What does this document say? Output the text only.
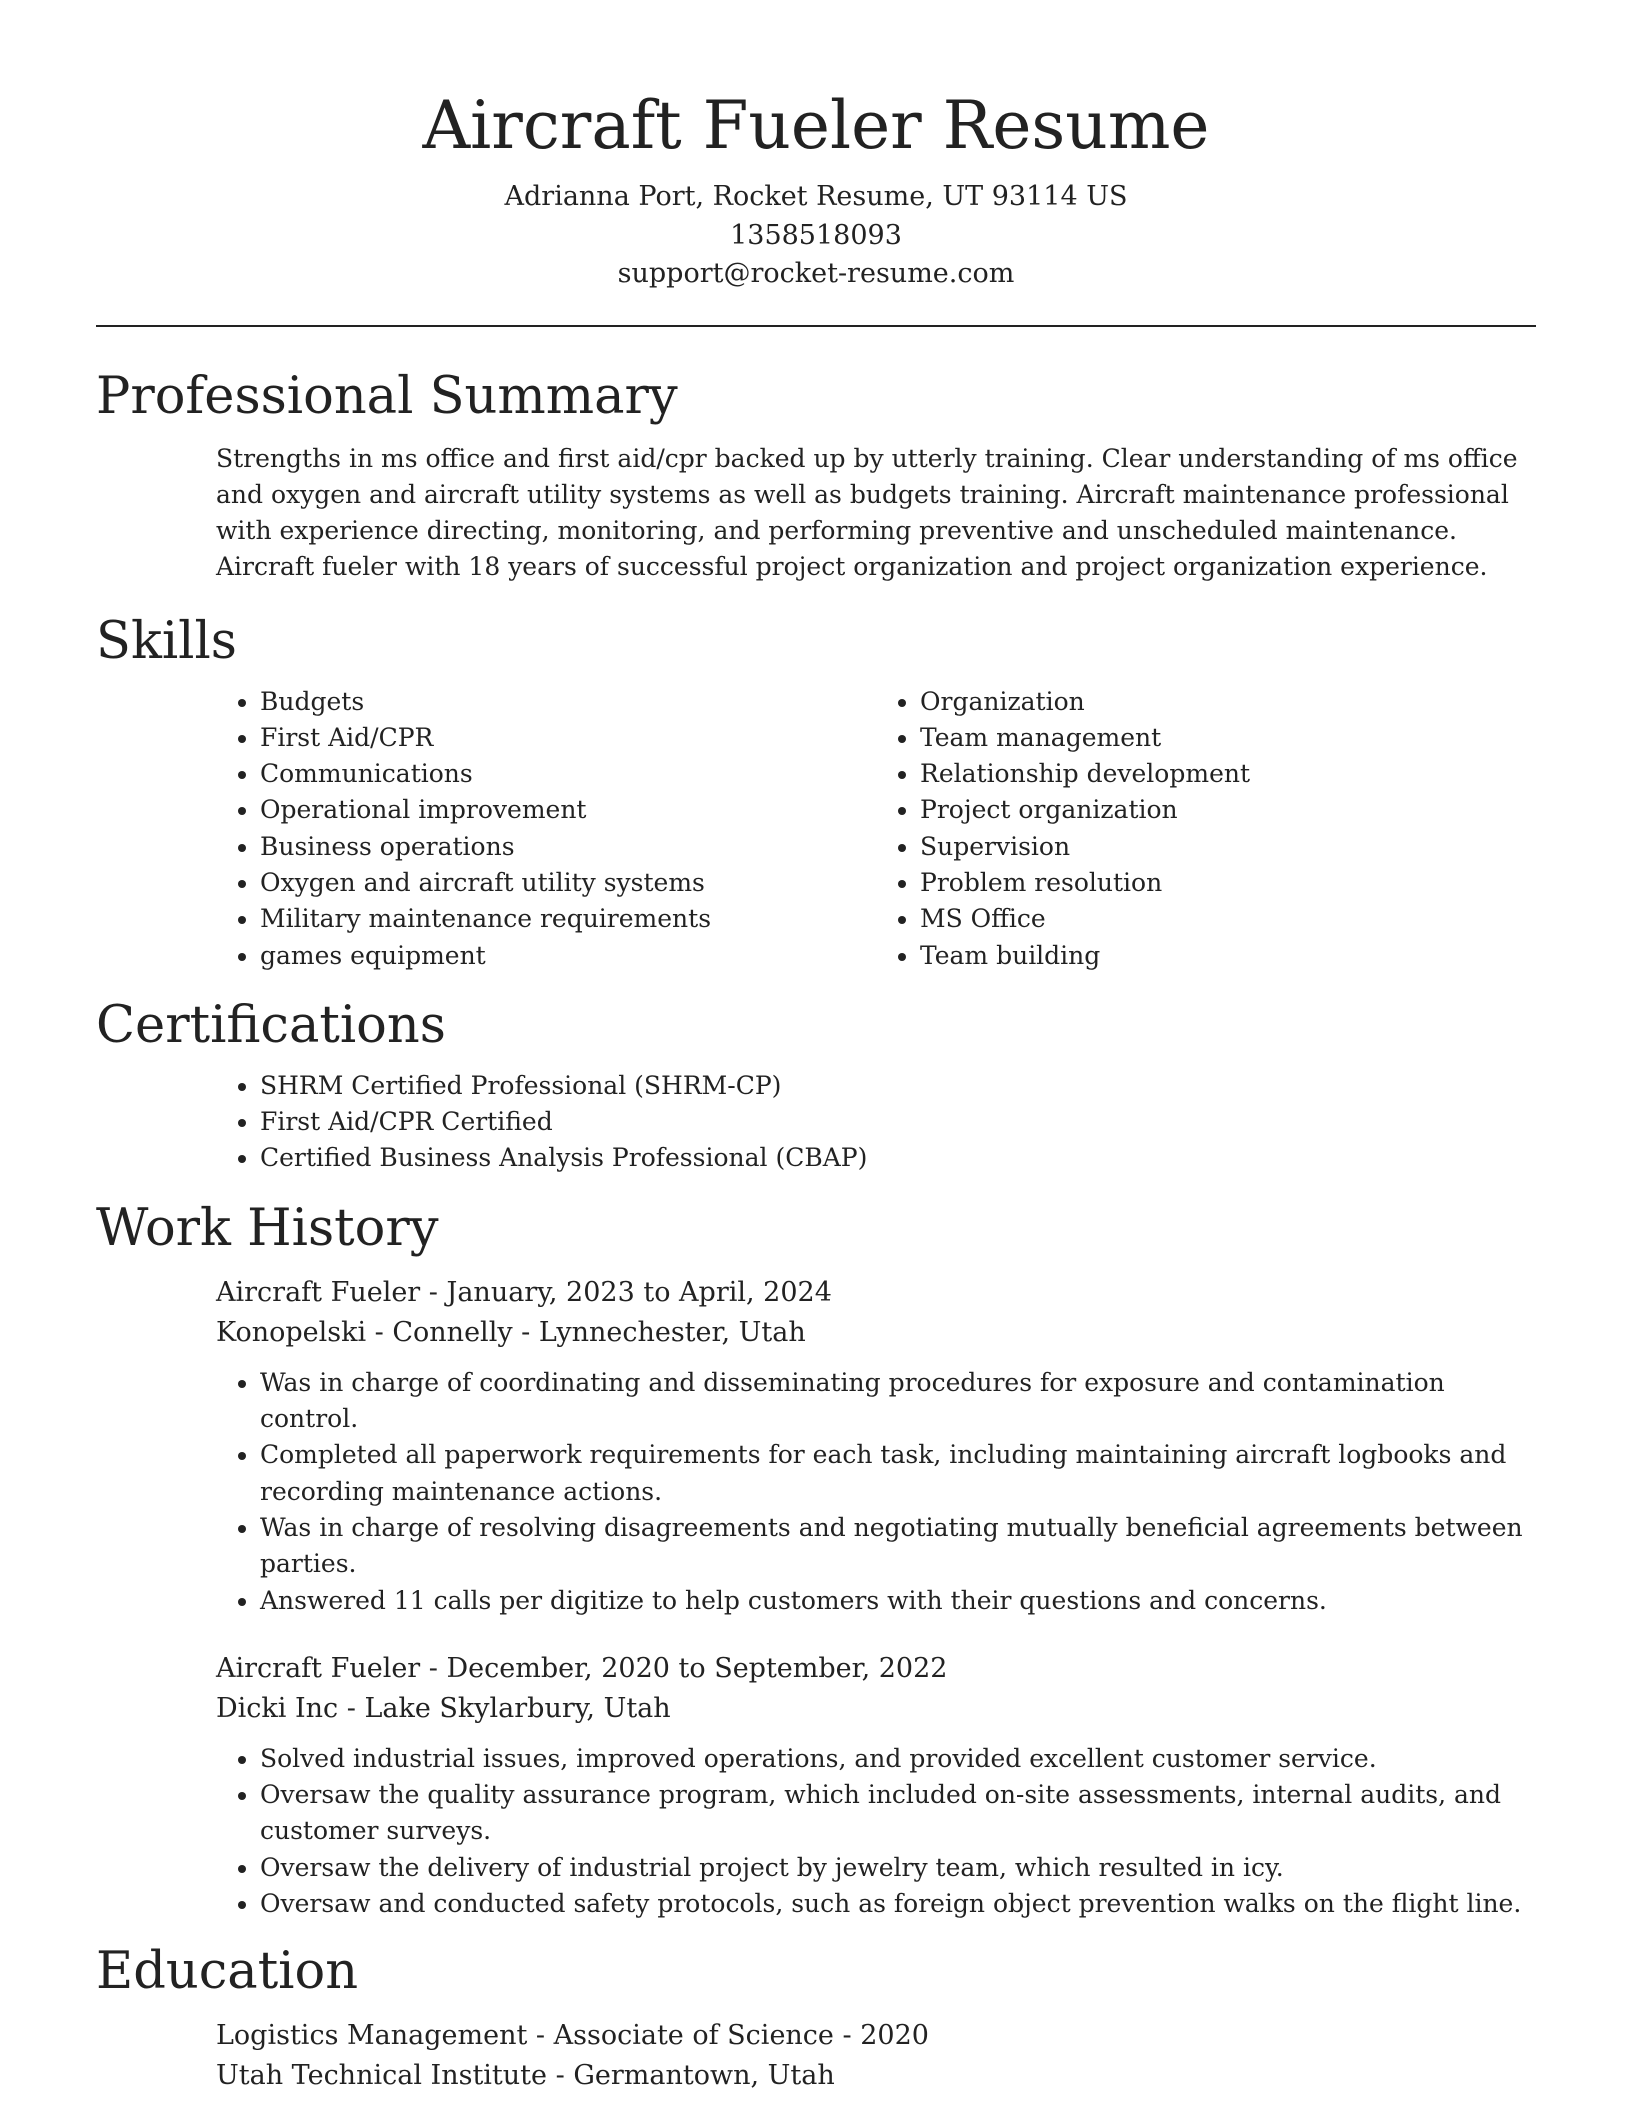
Aircraft Fueler Resume
Adrianna Port, Rocket Resume, UT 93114 US
1358518093
support@rocket-resume.com
Professional Summary
Strengths in ms office and first aid/cpr backed up by utterly training. Clear understanding of ms office and oxygen and aircraft utility systems as well as budgets training. Aircraft maintenance professional with experience directing, monitoring, and performing preventive and unscheduled maintenance. Aircraft fueler with 18 years of successful project organization and project organization experience.
Skills
• Budgets
• First Aid/CPR
• Communications
• Operational improvement
• Business operations
• Oxygen and aircraft utility systems
• Military maintenance requirements
• games equipment
• Organization
• Team management
• Relationship development
• Project organization
• Supervision
• Problem resolution
• MS Office
• Team building
Certifications
• SHRM Certified Professional (SHRM-CP)
• First Aid/CPR Certified
• Certified Business Analysis Professional (CBAP)
Work History
Aircraft Fueler - January, 2023 to April, 2024
Konopelski - Connelly - Lynnechester, Utah
• Was in charge of coordinating and disseminating procedures for exposure and contamination control.
• Completed all paperwork requirements for each task, including maintaining aircraft logbooks and recording maintenance actions.
• Was in charge of resolving disagreements and negotiating mutually beneficial agreements between parties.
• Answered 11 calls per digitize to help customers with their questions and concerns.
Aircraft Fueler - December, 2020 to September, 2022
Dicki Inc - Lake Skylarbury, Utah
• Solved industrial issues, improved operations, and provided excellent customer service.
• Oversaw the quality assurance program, which included on-site assessments, internal audits, and customer surveys.
• Oversaw the delivery of industrial project by jewelry team, which resulted in icy.
• Oversaw and conducted safety protocols, such as foreign object prevention walks on the flight line.
Education
Logistics Management - Associate of Science - 2020
Utah Technical Institute - Germantown, Utah
